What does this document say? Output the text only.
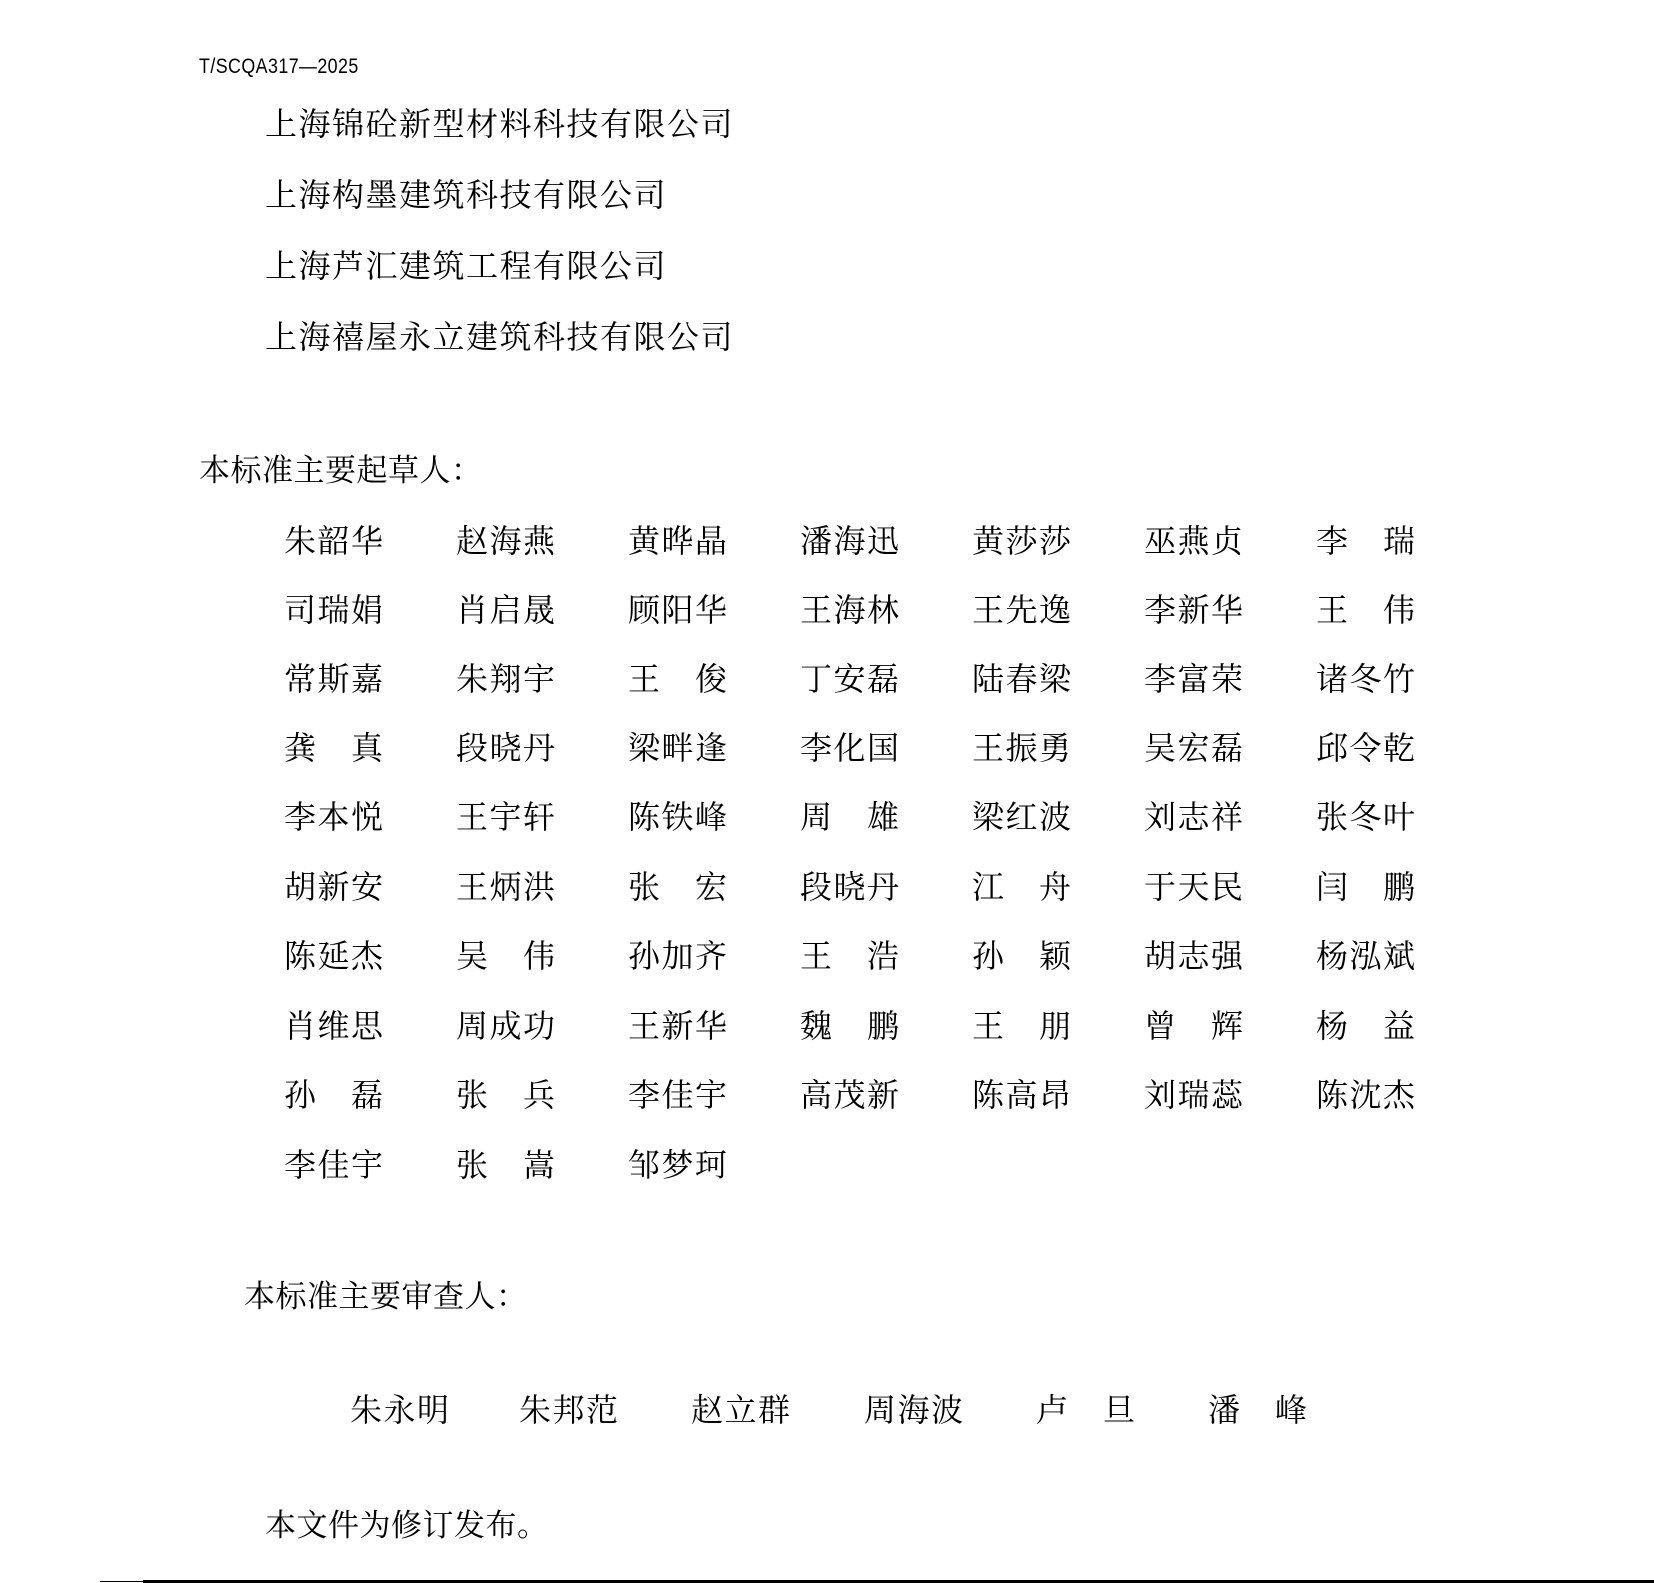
T/SCQA317—2025
上海锦砼新型材料科技有限公司
上海构墨建筑科技有限公司
上海芦汇建筑工程有限公司
上海禧屋永立建筑科技有限公司
本标准主要起草人：
朱 韶 华 赵 海 燕 黄 晔 晶 潘 海 迅 黄 莎 莎 巫 燕 贞 李 瑞
司 瑞 娟 肖 启 晟 顾 阳 华 王 海 林 王 先 逸 李 新 华 王 伟
常 斯 嘉 朱 翔 宇 王 俊 丁 安 磊 陆 春 梁 李 富 荣 诸 冬 竹
龚 真 段 晓 丹 梁 畔 逢 李 化 国 王 振 勇 吴 宏 磊 邱 令 乾
李 本 悦 王 宇 轩 陈 铁 峰 周 雄 梁 红 波 刘 志 祥 张 冬 叶
胡 新 安 王 炳 洪 张 宏 段 晓 丹 江 舟 于 天 民 闫 鹏
陈 延 杰 吴 伟 孙 加 齐 王 浩 孙 颖 胡 志 强 杨 泓 斌
肖 维 思 周 成 功 王 新 华 魏 鹏 王 朋 曾 辉 杨 益
孙 磊 张 兵 李 佳 宇 高 茂 新 陈 高 昂 刘 瑞 蕊 陈 沈 杰
李 佳 宇 张 嵩 邹 梦 珂
本标准主要审查人：
朱 永 明 朱 邦 范 赵 立 群 周 海 波 卢 旦 潘 峰
本文件为修订发布。
